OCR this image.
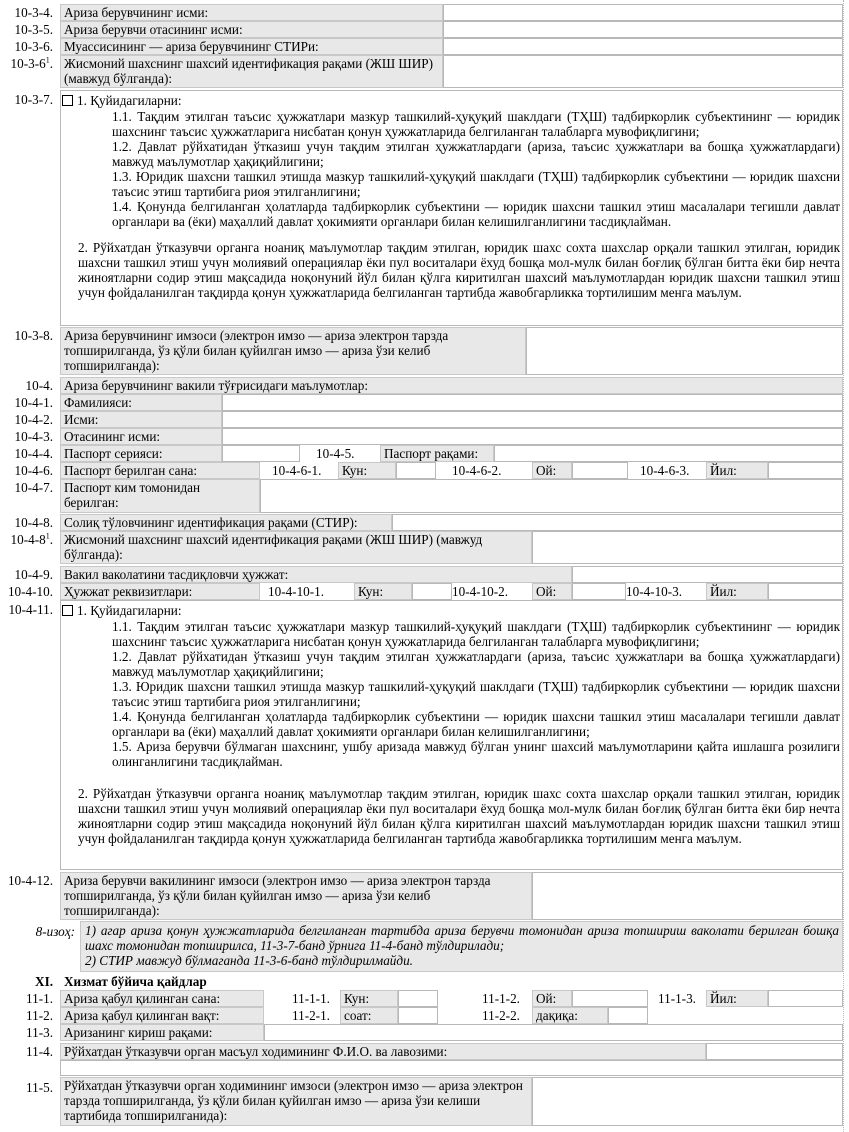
10-3-4. Ариза берувчининг исми:
10-3-5. Ариза берувчи отасининг исми:
10-3-6. Муассисининг — ариза берувчининг СТИРи:
$10-3-6^1$. Жисмоний шахснинг шахсий идентификация рақами (ЖШ ШИР) (мавжуд бўлганда):
10-3-7.	1. Қуйидагиларни:

1.1. Тақдим этилган таъсис ҳужжатлари мазкур ташкилий-ҳуқуқий шаклдаги (ТҲШ) тадбиркорлик субъектининг — юридик шахснинг таъсис ҳужжатларига нисбатан қонун ҳужжатларида белгиланган талабларга мувофиқлигини;

1.2. Давлат рўйхатидан ўтказиш учун тақдим этилган ҳужжатлардаги (ариза, таъсис ҳужжатлари ва бошқа ҳужжатлардаги) мавжуд маълумотлар ҳақиқийлигини;

1.3. Юридик шахсни ташкил этишда мазкур ташкилий-ҳуқуқий шаклдаги (ТҲШ) тадбиркорлик субъектини — юридик шахсни таъсис этиш тартибига риоя этилганлигини;

1.4. Қонунда белгиланган ҳолатларда тадбиркорлик субъектини — юридик шахсни ташкил этиш масалалари тегишли давлат органлари ва (ёки) маҳаллий давлат ҳокимияти органлари билан келишилганлигини тасдиқлайман.

2. Рўйхатдан ўтказувчи органга ноаниқ маълумотлар тақдим этилган, юридик шахс сохта шахслар орқали ташкил этилган, юридик шахсни ташкил этиш учун молиявий операциялар ёки пул воситалари ёхуд бошқа мол-мулк билан боғлиқ бўлган битта ёки бир нечта жиноятларни содир этиш мақсадида ноқонуний йўл билан қўлга киритилган шахсий маълумотлардан юридик шахсни ташкил этиш учун фойдаланилган тақдирда қонун ҳужжатларида белгиланган тартибда жавобгарликка тортилишим менга маълум.
10-3-8. Ариза берувчининг имзоси (электрон имзо — ариза электрон тарзда топширилганда, ўз қўли билан қуйилган имзо — ариза ўзи келиб топширилганда):
10-4. Ариза берувчининг вакили тўғрисидаги маълумотлар:
10-4-1. Фамилияси:
10-4-2. Исми:
10-4-3. Отасининг исми:
10-4-4. Паспорт серияси:	10-4-5.	Паспорт рақами:
10-4-6. Паспорт берилган сана:	10-4-6-1.	Кун:	10-4-6-2.	Ой:	10-4-6-3.	Йил:
10-4-7. Паспорт ким томонидан берилган:
10-4-8. Солиқ тўловчининг идентификация рақами (СТИР):
$10-4-8^1$. Жисмоний шахснинг шахсий идентификация рақами (ЖШ ШИР) (мавжуд бўлганда):
10-4-9. Вакил ваколатини тасдиқловчи ҳужжат:
10-4-10. Ҳужжат реквизитлари:	10-4-10-1.	Кун:	10-4-10-2.	Ой:	10-4-10-3.	Йил:
10-4-11.	1. Қуйидагиларни:

1.1. Тақдим этилган таъсис ҳужжатлари мазкур ташкилий-ҳуқуқий шаклдаги (ТҲШ) тадбиркорлик субъектининг — юридик шахснинг таъсис ҳужжатларига нисбатан қонун ҳужжатларида белгиланган талабларга мувофиқлигини;

1.2. Давлат рўйхатидан ўтказиш учун тақдим этилган ҳужжатлардаги (ариза, таъсис ҳужжатлари ва бошқа ҳужжатлардаги) мавжуд маълумотлар ҳақиқийлигини;

1.3. Юридик шахсни ташкил этишда мазкур ташкилий-ҳуқуқий шаклдаги (ТҲШ) тадбиркорлик субъектини — юридик шахсни таъсис этиш тартибига риоя этилганлигини;

1.4. Қонунда белгиланган ҳолатларда тадбиркорлик субъектини — юридик шахсни ташкил этиш масалалари тегишли давлат органлари ва (ёки) маҳаллий давлат ҳокимияти органлари билан келишилганлигини;

1.5. Ариза берувчи бўлмаган шахснинг, ушбу аризада мавжуд бўлган унинг шахсий маълумотларини қайта ишлашга розилиги олинганлигини тасдиқлайман.

2. Рўйхатдан ўтказувчи органга ноаниқ маълумотлар тақдим этилган, юридик шахс сохта шахслар орқали ташкил этилган, юридик шахсни ташкил этиш учун молиявий операциялар ёки пул воситалари ёхуд бошқа мол-мулк билан боғлиқ бўлган битта ёки бир нечта жиноятларни содир этиш мақсадида ноқонуний йўл билан қўлга киритилган шахсий маълумотлардан юридик шахсни ташкил этиш учун фойдаланилган тақдирда қонун ҳужжатларида белгиланган тартибда жавобгарликка тортилишим менга маълум.
10-4-12. Ариза берувчи вакилининг имзоси (электрон имзо — ариза электрон тарзда топширилганда, ўз қўли билан қуйилган имзо — ариза ўзи келиб топширилганда):
8-изоҳ: 1) агар ариза қонун ҳужжатларида белгиланган тартибда ариза берувчи томонидан ариза топшириш ваколати берилган бошқа шахс томонидан топширилса, 11-3-7-банд ўрнига 11-4-банд тўлдирилади;

2) СТИР мавжуд бўлмаганда 11-3-6-банд тўлдирилмайди.

XI. Хизмат бўйича қайдлар
11-1. Ариза қабул қилинган сана:	11-1-1.	Кун:	11-1-2.	Ой:	11-1-3.	Йил:
11-2. Ариза қабул қилинган вақт:	11-2-1.	соат:	11-2-2.	дақиқа:
11-3. Аризанинг кириш рақами:
11-4. Рўйхатдан ўтказувчи орган масъул ходимининг Ф.И.О. ва лавозими:
11-5. Рўйхатдан ўтказувчи орган ходимининг имзоси (электрон имзо — ариза электрон тарзда топширилганда, ўз қўли билан қуйилган имзо — ариза ўзи келиши тартибида топширилганида):
